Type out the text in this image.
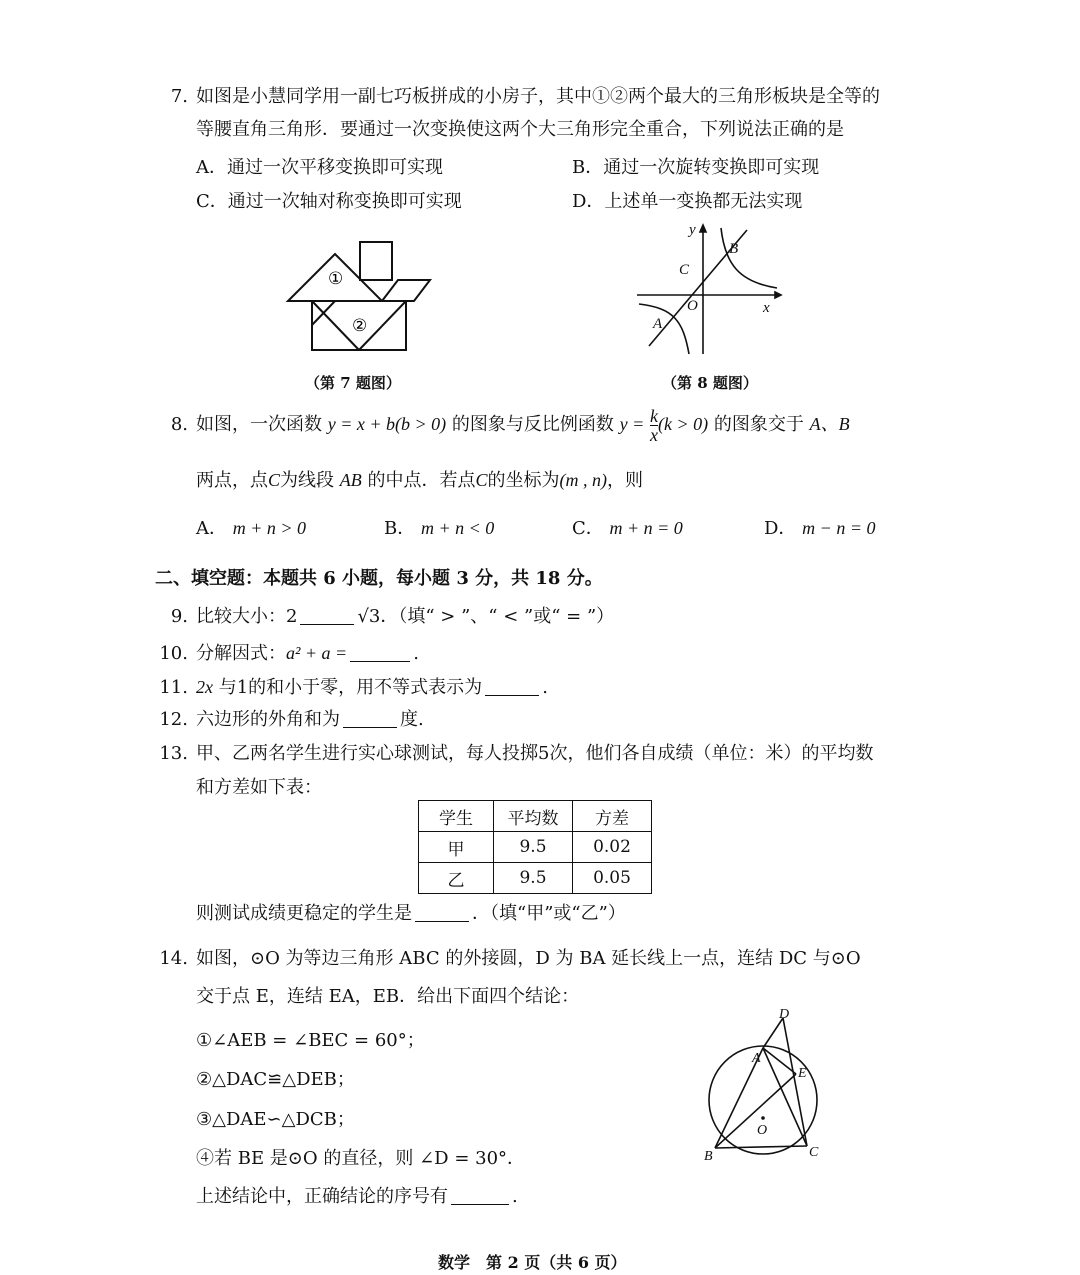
7. 如图是小慧同学用一副七巧板拼成的小房子，其中①②两个最大的三角形板块是全等的
等腰直角三角形．要通过一次变换使这两个大三角形完全重合，下列说法正确的是
A．通过一次平移变换即可实现	B．通过一次旋转变换即可实现
C．通过一次轴对称变换即可实现	D．上述单一变换都无法实现
①
②
（第 7 题图）
y
x
O
A
B
C
（第 8 题图）
8. 如图，一次函数 y = x + b(b > 0) 的图象与反比例函数 $y = \frac{k}{x} (k > 0)$ 的图象交于 A、B
两点，点C为线段 AB 的中点．若点C的坐标为(m , n)，则
A． m + n > 0	B． m + n < 0	C． m + n = 0	D． m − n = 0
二、填空题：本题共 6 小题，每小题 3 分，共 18 分。
9. 比较大小：2	√3．（填“ > ”、“ < ”或“ = ”）
10. 分解因式：a² + a =	.
11. 2x 与1的和小于零，用不等式表示为	.
12. 六边形的外角和为	度.
13. 甲、乙两名学生进行实心球测试，每人投掷5次，他们各自成绩（单位：米）的平均数
和方差如下表：
学生	平均数	方差
甲	9.5	0.02
乙	9.5	0.05
则测试成绩更稳定的学生是	．（填“甲”或“乙”）
14. 如图，⊙O 为等边三角形 ABC 的外接圆，D 为 BA 延长线上一点，连结 DC 与⊙O
交于点 E，连结 EA，EB．给出下面四个结论：
①∠AEB = ∠BEC = 60°；
②△DAC≌△DEB；
③△DAE∽△DCB；
④若 BE 是⊙O 的直径，则 ∠D = 30°．
上述结论中，正确结论的序号有	.
D
A
E
O
B	C
数学　第 2 页（共 6 页）
